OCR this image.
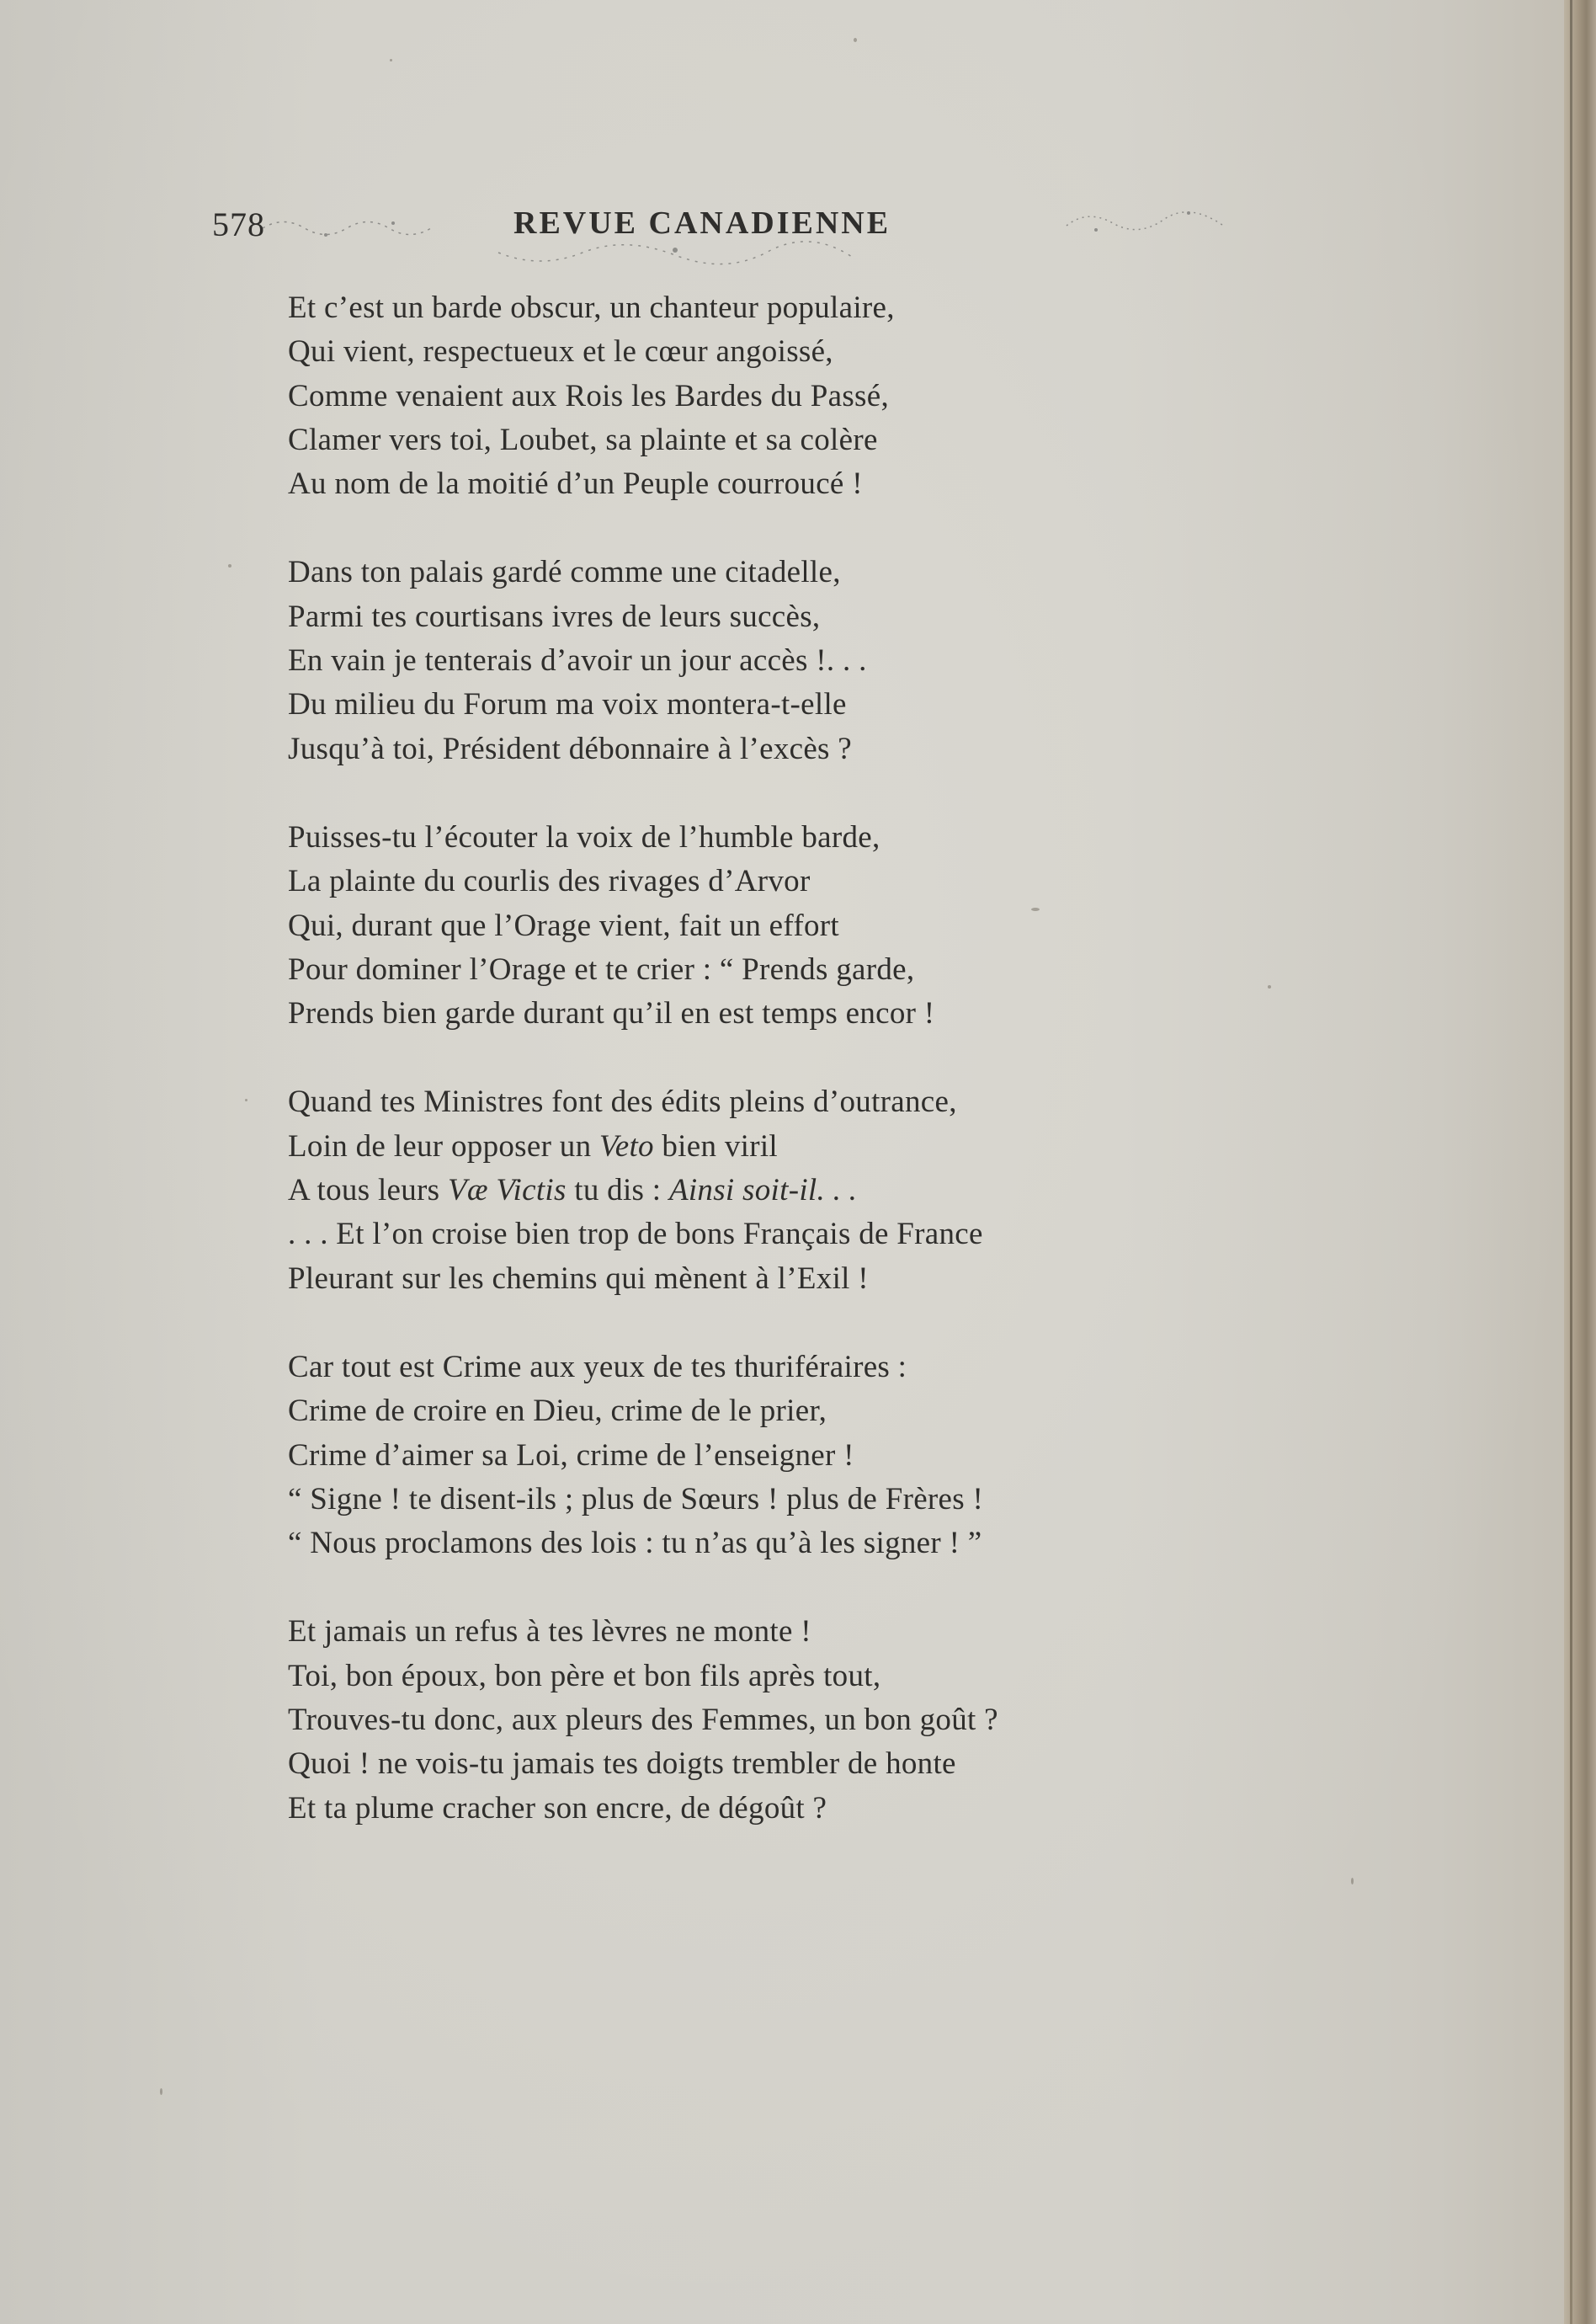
578	REVUE CANADIENNE
Et c’est un barde obscur, un chanteur populaire,
Qui vient, respectueux et le cœur angoissé,
Comme venaient aux Rois les Bardes du Passé,
Clamer vers toi, Loubet, sa plainte et sa colère
Au nom de la moitié d’un Peuple courroucé !
Dans ton palais gardé comme une citadelle,
Parmi tes courtisans ivres de leurs succès,
En vain je tenterais d’avoir un jour accès !. . .
Du milieu du Forum ma voix montera-t-elle
Jusqu’à toi, Président débonnaire à l’excès ?
Puisses-tu l’écouter la voix de l’humble barde,
La plainte du courlis des rivages d’Arvor
Qui, durant que l’Orage vient, fait un effort
Pour dominer l’Orage et te crier : “ Prends garde,
Prends bien garde durant qu’il en est temps encor !
Quand tes Ministres font des édits pleins d’outrance,
Loin de leur opposer un Veto bien viril
A tous leurs Væ Victis tu dis : Ainsi soit-il. . .
. . . Et l’on croise bien trop de bons Français de France
Pleurant sur les chemins qui mènent à l’Exil !
Car tout est Crime aux yeux de tes thuriféraires :
Crime de croire en Dieu, crime de le prier,
Crime d’aimer sa Loi, crime de l’enseigner !
“ Signe ! te disent-ils ; plus de Sœurs ! plus de Frères !
“ Nous proclamons des lois : tu n’as qu’à les signer ! ”
Et jamais un refus à tes lèvres ne monte !
Toi, bon époux, bon père et bon fils après tout,
Trouves-tu donc, aux pleurs des Femmes, un bon goût ?
Quoi ! ne vois-tu jamais tes doigts trembler de honte
Et ta plume cracher son encre, de dégoût ?
